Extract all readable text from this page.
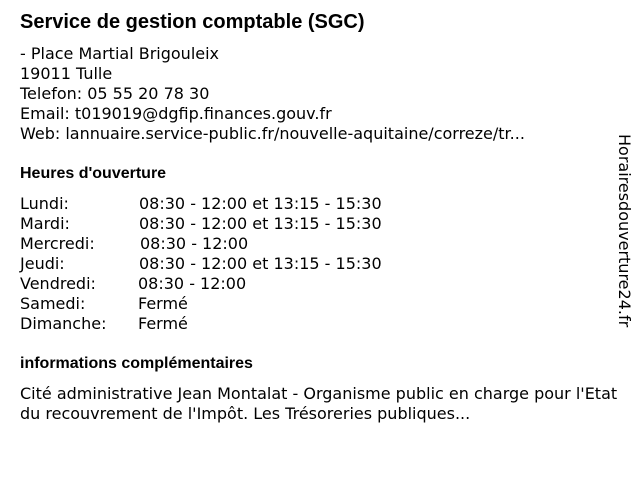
Service de gestion comptable (SGC)
- Place Martial Brigouleix
19011 Tulle
Telefon: 05 55 20 78 30
Email: t019019@dgfip.finances.gouv.fr
Web: lannuaire.service-public.fr/nouvelle-aquitaine/correze/tr...
Heures d'ouverture
Lundi:	08:30 - 12:00 et 13:15 - 15:30
Mardi:	08:30 - 12:00 et 13:15 - 15:30
Mercredi:	08:30 - 12:00
Jeudi:	08:30 - 12:00 et 13:15 - 15:30
Vendredi:	08:30 - 12:00
Samedi:	Fermé
Dimanche: Fermé
informations complémentaires
Cité administrative Jean Montalat - Organisme public en charge pour l'Etat du recouvrement de l'Impôt. Les Trésoreries publiques...
Horairesdouverture24.fr
